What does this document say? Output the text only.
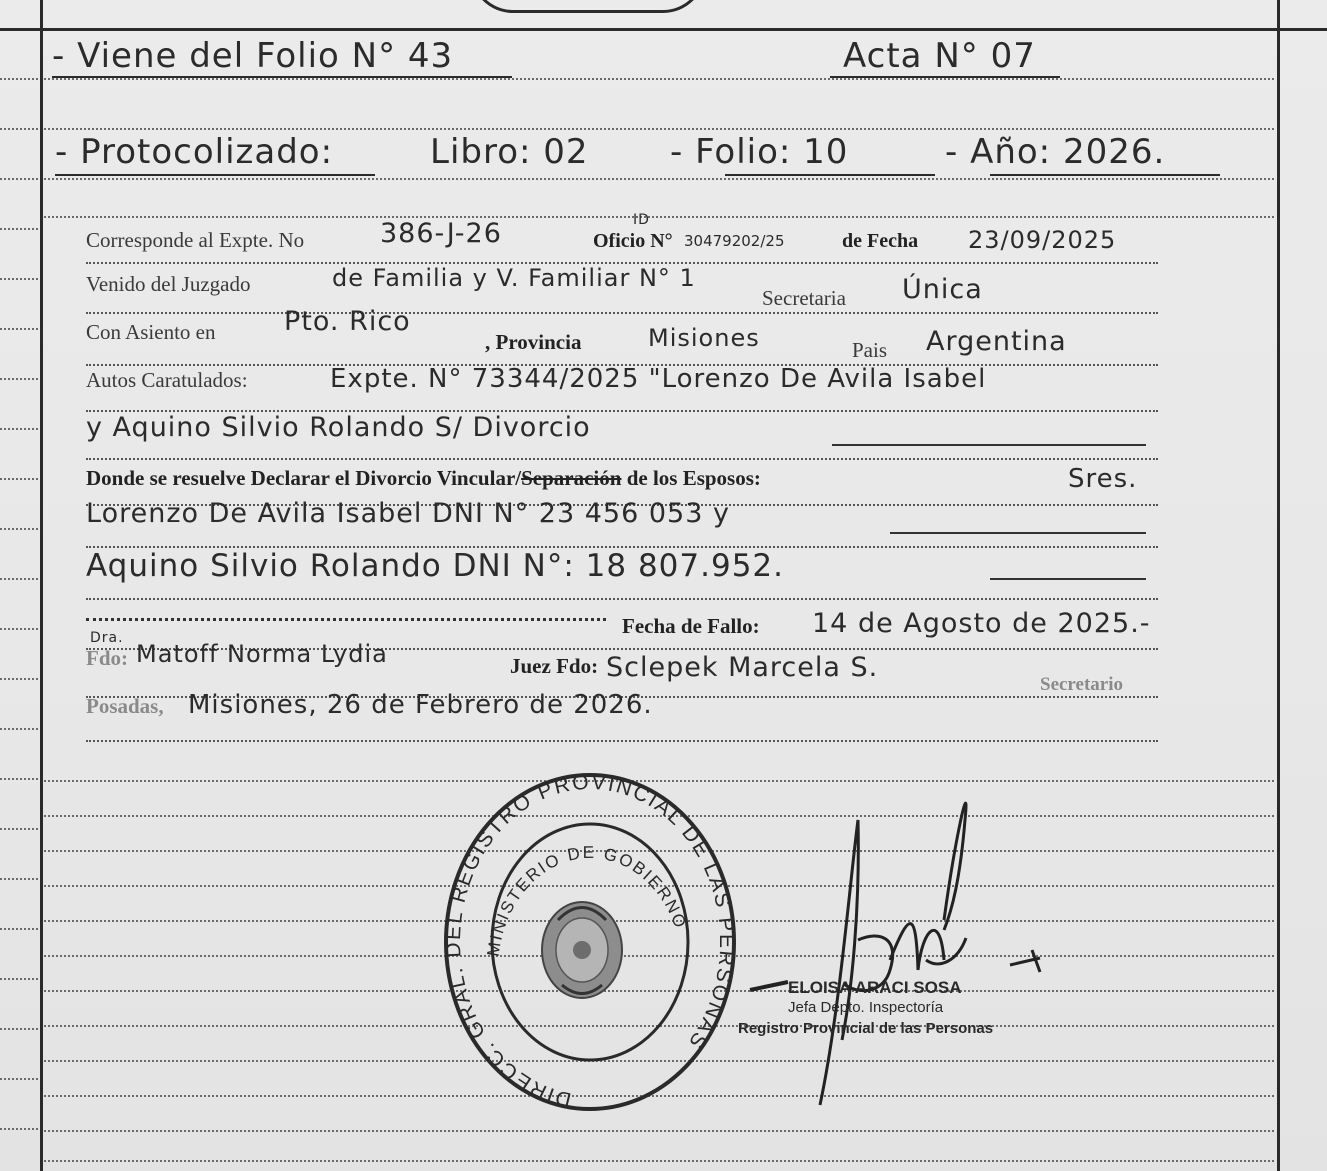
- Viene del Folio N° 43	Acta N° 07
- Protocolizado:	Libro: 02 - Folio: 10	- Año: 2026.
Corresponde al Expte. No	386-J-26	Oficio N°
ID
30479202/25	de Fecha 23/09/2025
Venido del Juzgado	de Familia y V. Familiar N° 1
Secretaria Única
Con Asiento en	Pto. Rico
, Provincia	Misiones	Pais Argentina
Autos Caratulados:	Expte. N° 73344/2025 "Lorenzo De Avila Isabel
y Aquino Silvio Rolando S/ Divorcio
Donde se resuelve Declarar el Divorcio Vincular/Separación de los Esposos:	Sres.
Lorenzo De Avila Isabel DNI N° 23 456 053 y
Aquino Silvio Rolando DNI N°: 18 807.952.
Fecha de Fallo: 14 de Agosto de 2025.-
Fdo:
Dra.
Matoff Norma Lydia	Juez Fdo: Sclepek Marcela S.
Secretario
Posadas, Misiones, 26 de Febrero de 2026.
DIRECC. GRAL. DEL REGISTRO PROVINCIAL DE LAS PERSONAS
MINISTERIO DE GOBIERNO
ELOISA ARACI SOSA
Jefa Depto. Inspectoría
Registro Provincial de las Personas
